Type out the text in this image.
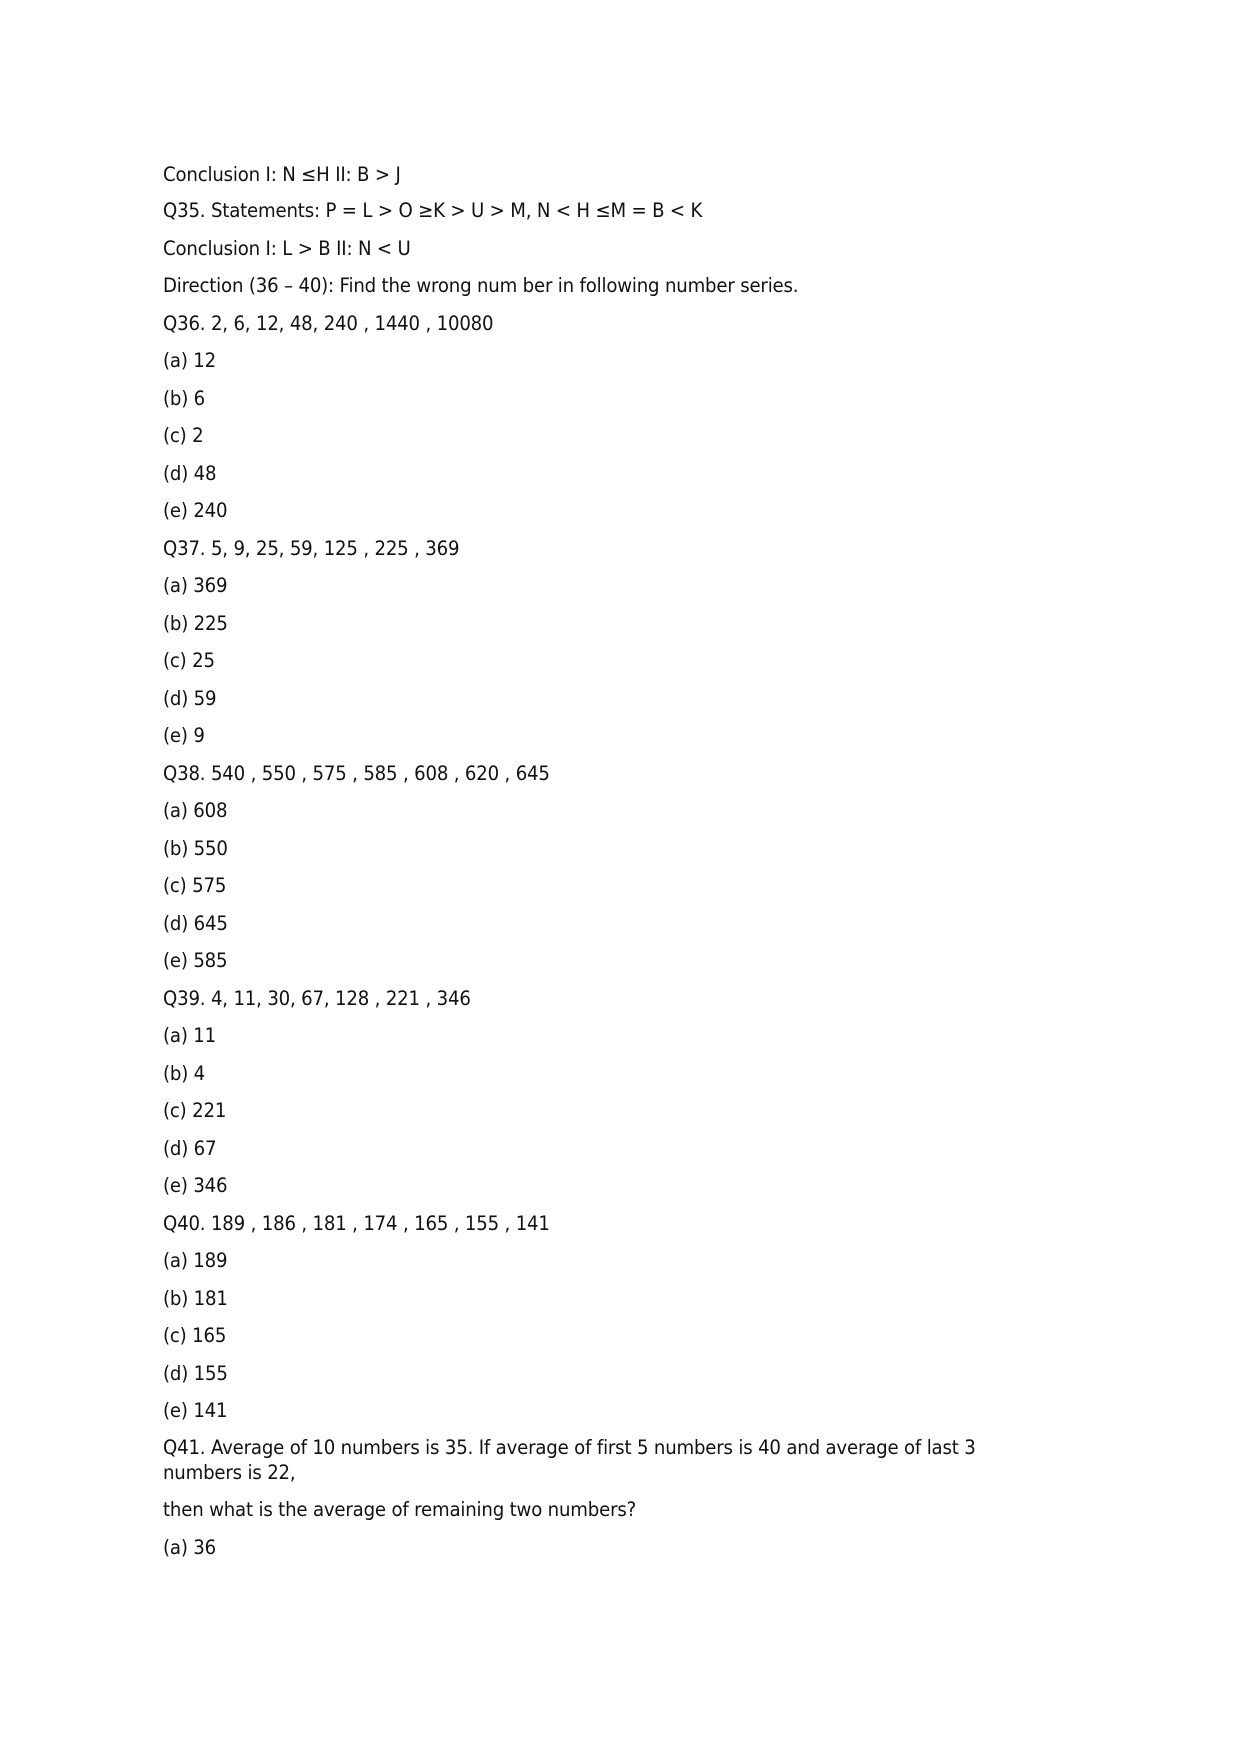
Conclusion I: N ≤H II: B > J
Q35. Statements: P = L > O ≥K > U > M, N < H ≤M = B < K
Conclusion I: L > B II: N < U
Direction (36 – 40): Find the wrong num ber in following number series.
Q36. 2, 6, 12, 48, 240 , 1440 , 10080
(a) 12
(b) 6
(c) 2
(d) 48
(e) 240
Q37. 5, 9, 25, 59, 125 , 225 , 369
(a) 369
(b) 225
(c) 25
(d) 59
(e) 9
Q38. 540 , 550 , 575 , 585 , 608 , 620 , 645
(a) 608
(b) 550
(c) 575
(d) 645
(e) 585
Q39. 4, 11, 30, 67, 128 , 221 , 346
(a) 11
(b) 4
(c) 221
(d) 67
(e) 346
Q40. 189 , 186 , 181 , 174 , 165 , 155 , 141
(a) 189
(b) 181
(c) 165
(d) 155
(e) 141
Q41. Average of 10 numbers is 35. If average of first 5 numbers is 40 and average of last 3 numbers is 22,
then what is the average of remaining two numbers?
(a) 36
